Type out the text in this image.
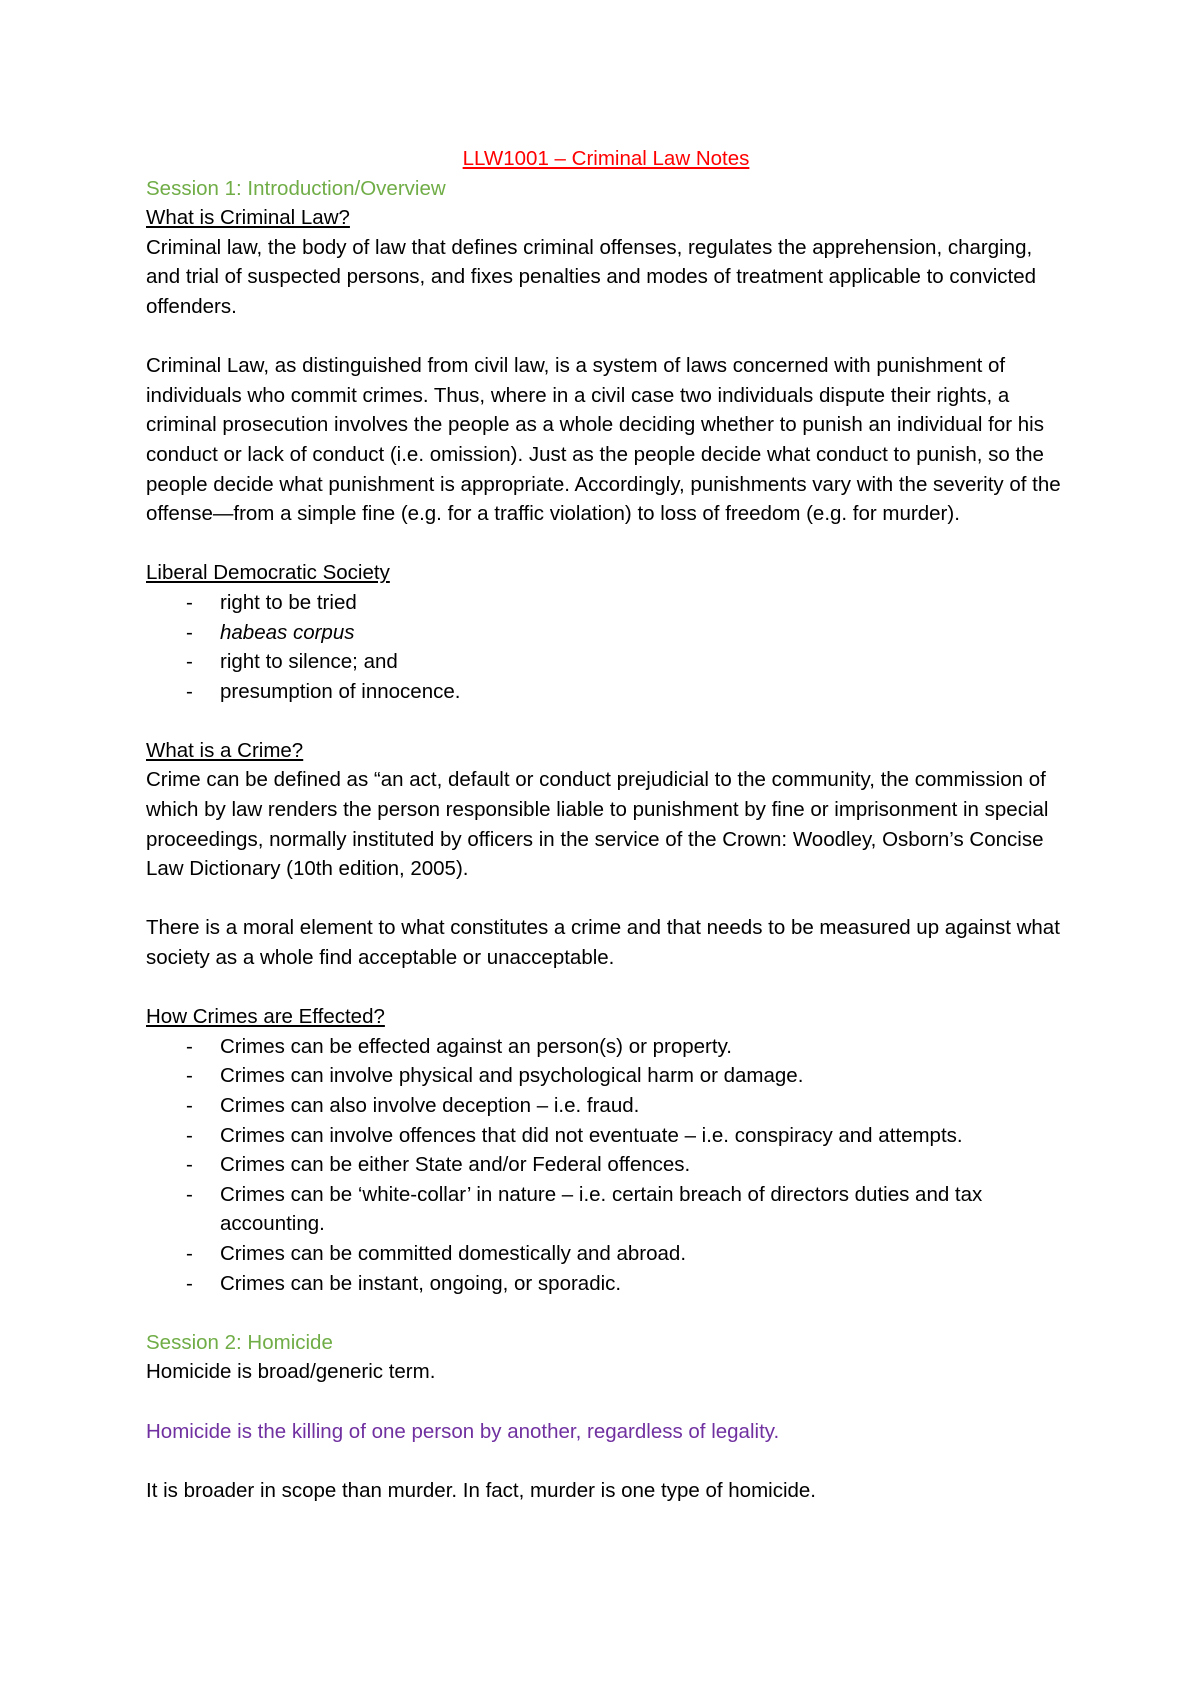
LLW1001 – Criminal Law Notes
Session 1: Introduction/Overview
What is Criminal Law?

Criminal law, the body of law that defines criminal offenses, regulates the apprehension, charging, and trial of suspected persons, and fixes penalties and modes of treatment applicable to convicted offenders.

Criminal Law, as distinguished from civil law, is a system of laws concerned with punishment of individuals who commit crimes. Thus, where in a civil case two individuals dispute their rights, a criminal prosecution involves the people as a whole deciding whether to punish an individual for his conduct or lack of conduct (i.e. omission). Just as the people decide what conduct to punish, so the people decide what punishment is appropriate. Accordingly, punishments vary with the severity of the offense—from a simple fine (e.g. for a traffic violation) to loss of freedom (e.g. for murder).

Liberal Democratic Society
- right to be tried
- habeas corpus
- right to silence; and
- presumption of innocence.
What is a Crime?

Crime can be defined as “an act, default or conduct prejudicial to the community, the commission of which by law renders the person responsible liable to punishment by fine or imprisonment in special proceedings, normally instituted by officers in the service of the Crown: Woodley, Osborn’s Concise Law Dictionary (10th edition, 2005).

There is a moral element to what constitutes a crime and that needs to be measured up against what society as a whole find acceptable or unacceptable.

How Crimes are Effected?
- Crimes can be effected against an person(s) or property.
- Crimes can involve physical and psychological harm or damage.
- Crimes can also involve deception – i.e. fraud.
- Crimes can involve offences that did not eventuate – i.e. conspiracy and attempts.
- Crimes can be either State and/or Federal offences.
- Crimes can be ‘white-collar’ in nature – i.e. certain breach of directors duties and tax accounting.
- Crimes can be committed domestically and abroad.
- Crimes can be instant, ongoing, or sporadic.
Session 2: Homicide

Homicide is broad/generic term.

Homicide is the killing of one person by another, regardless of legality.

It is broader in scope than murder. In fact, murder is one type of homicide.
